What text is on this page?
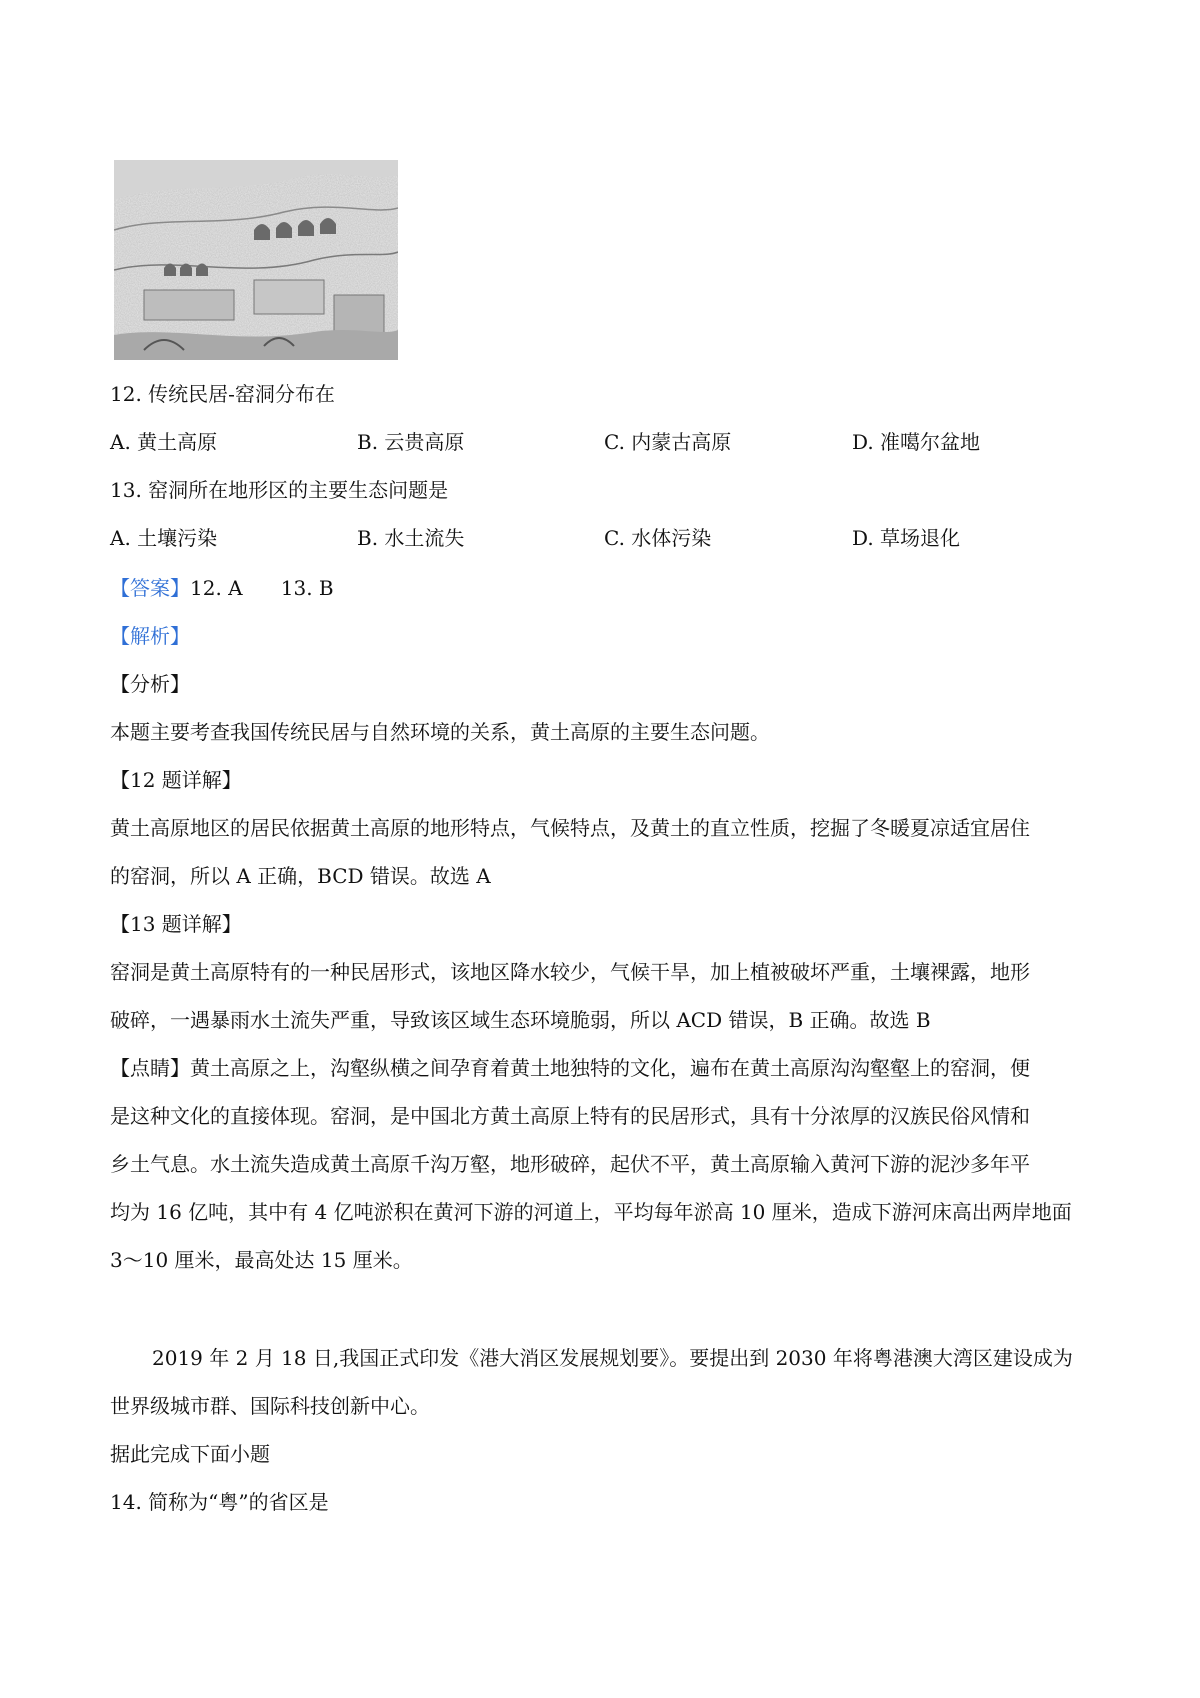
12. 传统民居-窑洞分布在
A. 黄土高原	B. 云贵高原	C. 内蒙古高原	D. 准噶尔盆地
13. 窑洞所在地形区的主要生态问题是
A. 土壤污染	B. 水土流失	C. 水体污染	D. 草场退化
【答案】12. A      13. B
【解析】
【分析】
本题主要考查我国传统民居与自然环境的关系，黄土高原的主要生态问题。
【12 题详解】
黄土高原地区的居民依据黄土高原的地形特点，气候特点，及黄土的直立性质，挖掘了冬暖夏凉适宜居住
的窑洞，所以 A 正确，BCD 错误。故选 A
【13 题详解】
窑洞是黄土高原特有的一种民居形式，该地区降水较少，气候干旱，加上植被破坏严重，土壤裸露，地形
破碎，一遇暴雨水土流失严重，导致该区域生态环境脆弱，所以 ACD 错误，B 正确。故选 B
【点睛】黄土高原之上，沟壑纵横之间孕育着黄土地独特的文化，遍布在黄土高原沟沟壑壑上的窑洞，便
是这种文化的直接体现。窑洞，是中国北方黄土高原上特有的民居形式，具有十分浓厚的汉族民俗风情和
乡土气息。水土流失造成黄土高原千沟万壑，地形破碎，起伏不平，黄土高原输入黄河下游的泥沙多年平
均为 16 亿吨，其中有 4 亿吨淤积在黄河下游的河道上，平均每年淤高 10 厘米，造成下游河床高出两岸地面
3～10 厘米，最高处达 15 厘米。
2019 年 2 月 18 日,我国正式印发《港大消区发展规划要》。要提出到 2030 年将粤港澳大湾区建设成为
世界级城市群、国际科技创新中心。
据此完成下面小题
14. 简称为“粤”的省区是
